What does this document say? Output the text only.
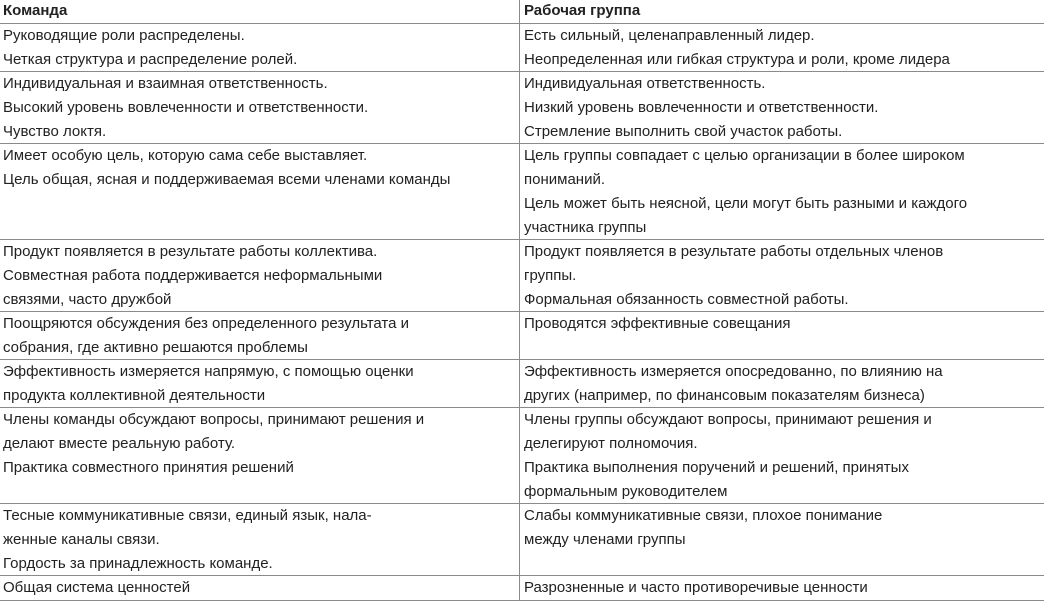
Команда	Рабочая группа
Руководящие роли распределены.
Четкая структура и распределение ролей.
Есть сильный, целенаправленный лидер.
Неопределенная или гибкая структура и роли, кроме лидера
Индивидуальная и взаимная ответственность.
Высокий уровень вовлеченности и ответственности.
Чувство локтя.
Индивидуальная ответственность.
Низкий уровень вовлеченности и ответственности.
Стремление выполнить свой участок работы.
Имеет особую цель, которую сама себе выставляет.
Цель общая, ясная и поддерживаемая всеми членами команды
Цель группы совпадает с целью организации в более широком
пониманий.
Цель может быть неясной, цели могут быть разными и каждого
участника группы
Продукт появляется в результате работы коллектива.
Совместная работа поддерживается неформальными
связями, часто дружбой
Продукт появляется в результате работы отдельных членов
группы.
Формальная обязанность совместной работы.
Поощряются обсуждения без определенного результата и
собрания, где активно решаются проблемы
Проводятся эффективные совещания
Эффективность измеряется напрямую, с помощью оценки
продукта коллективной деятельности
Эффективность измеряется опосредованно, по влиянию на
других (например, по финансовым показателям бизнеса)
Члены команды обсуждают вопросы, принимают решения и
делают вместе реальную работу.
Практика совместного принятия решений
Члены группы обсуждают вопросы, принимают решения и
делегируют полномочия.
Практика выполнения поручений и решений, принятых
формальным руководителем
Тесные коммуникативные связи, единый язык, нала-
женные каналы связи.
Гордость за принадлежность команде.
Слабы коммуникативные связи, плохое понимание
между членами группы
Общая система ценностей	Разрозненные и часто противоречивые ценности
